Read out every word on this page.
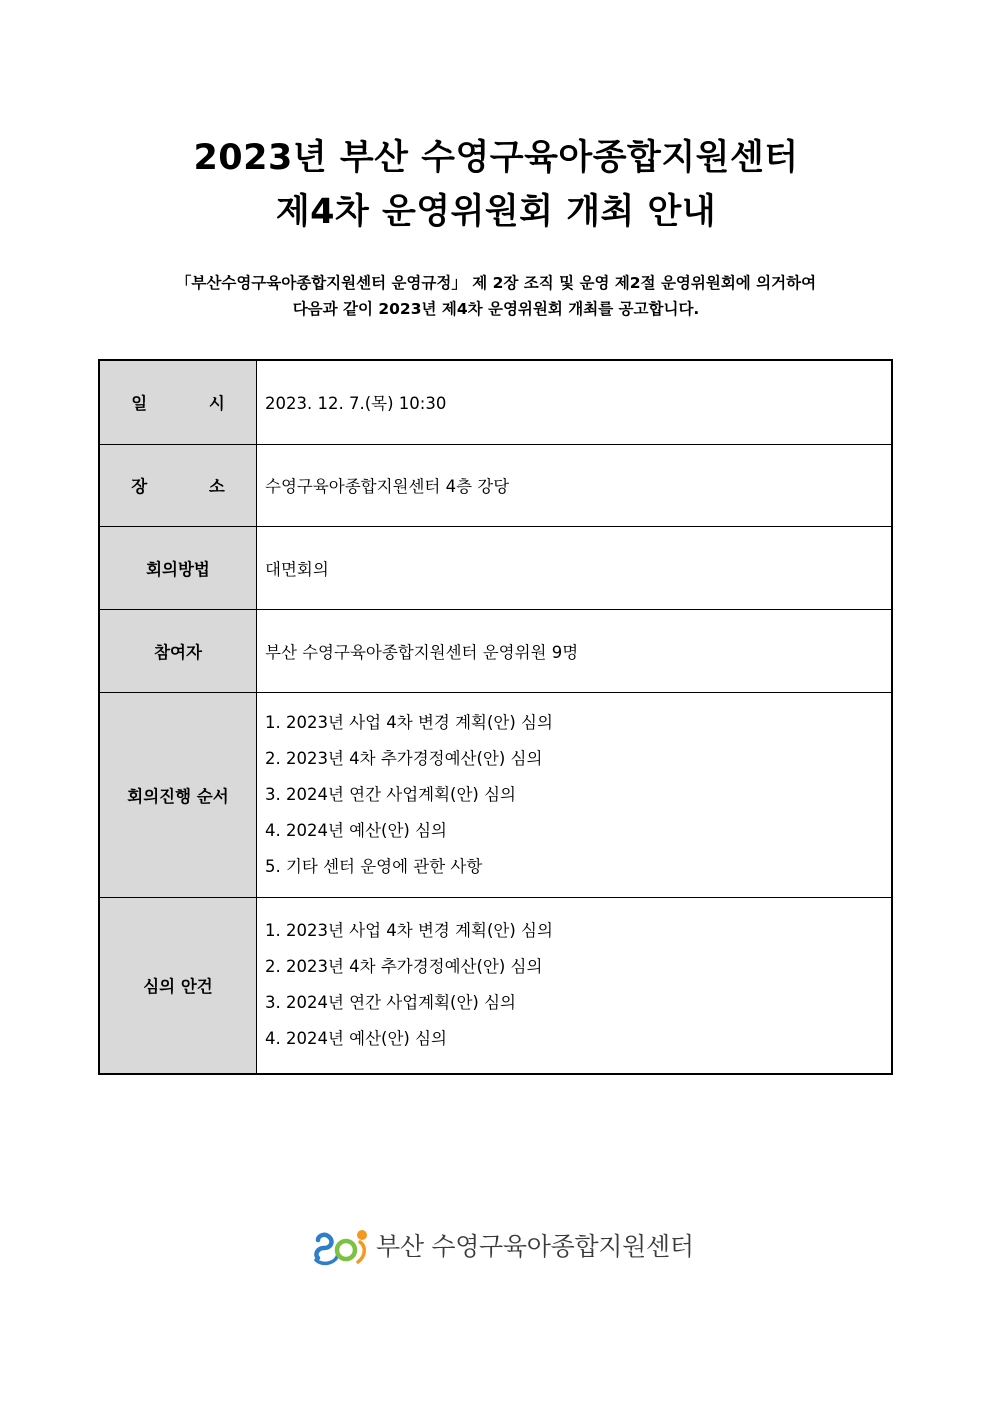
2023년 부산 수영구육아종합지원센터
제4차 운영위원회 개최 안내
「부산수영구육아종합지원센터 운영규정」 제 2장 조직 및 운영 제2절 운영위원회에 의거하여
다음과 같이 2023년 제4차 운영위원회 개최를 공고합니다.
일 시	2023. 12. 7.(목) 10:30
장 소	수영구육아종합지원센터 4층 강당
회의방법	대면회의
참여자	부산 수영구육아종합지원센터 운영위원 9명
회의진행 순서	1. 2023년 사업 4차 변경 계획(안) 심의
2. 2023년 4차 추가경정예산(안) 심의
3. 2024년 연간 사업계획(안) 심의
4. 2024년 예산(안) 심의
5. 기타 센터 운영에 관한 사항

심의 안건	1. 2023년 사업 4차 변경 계획(안) 심의
2. 2023년 4차 추가경정예산(안) 심의
3. 2024년 연간 사업계획(안) 심의
4. 2024년 예산(안) 심의
부산 수영구육아종합지원센터
